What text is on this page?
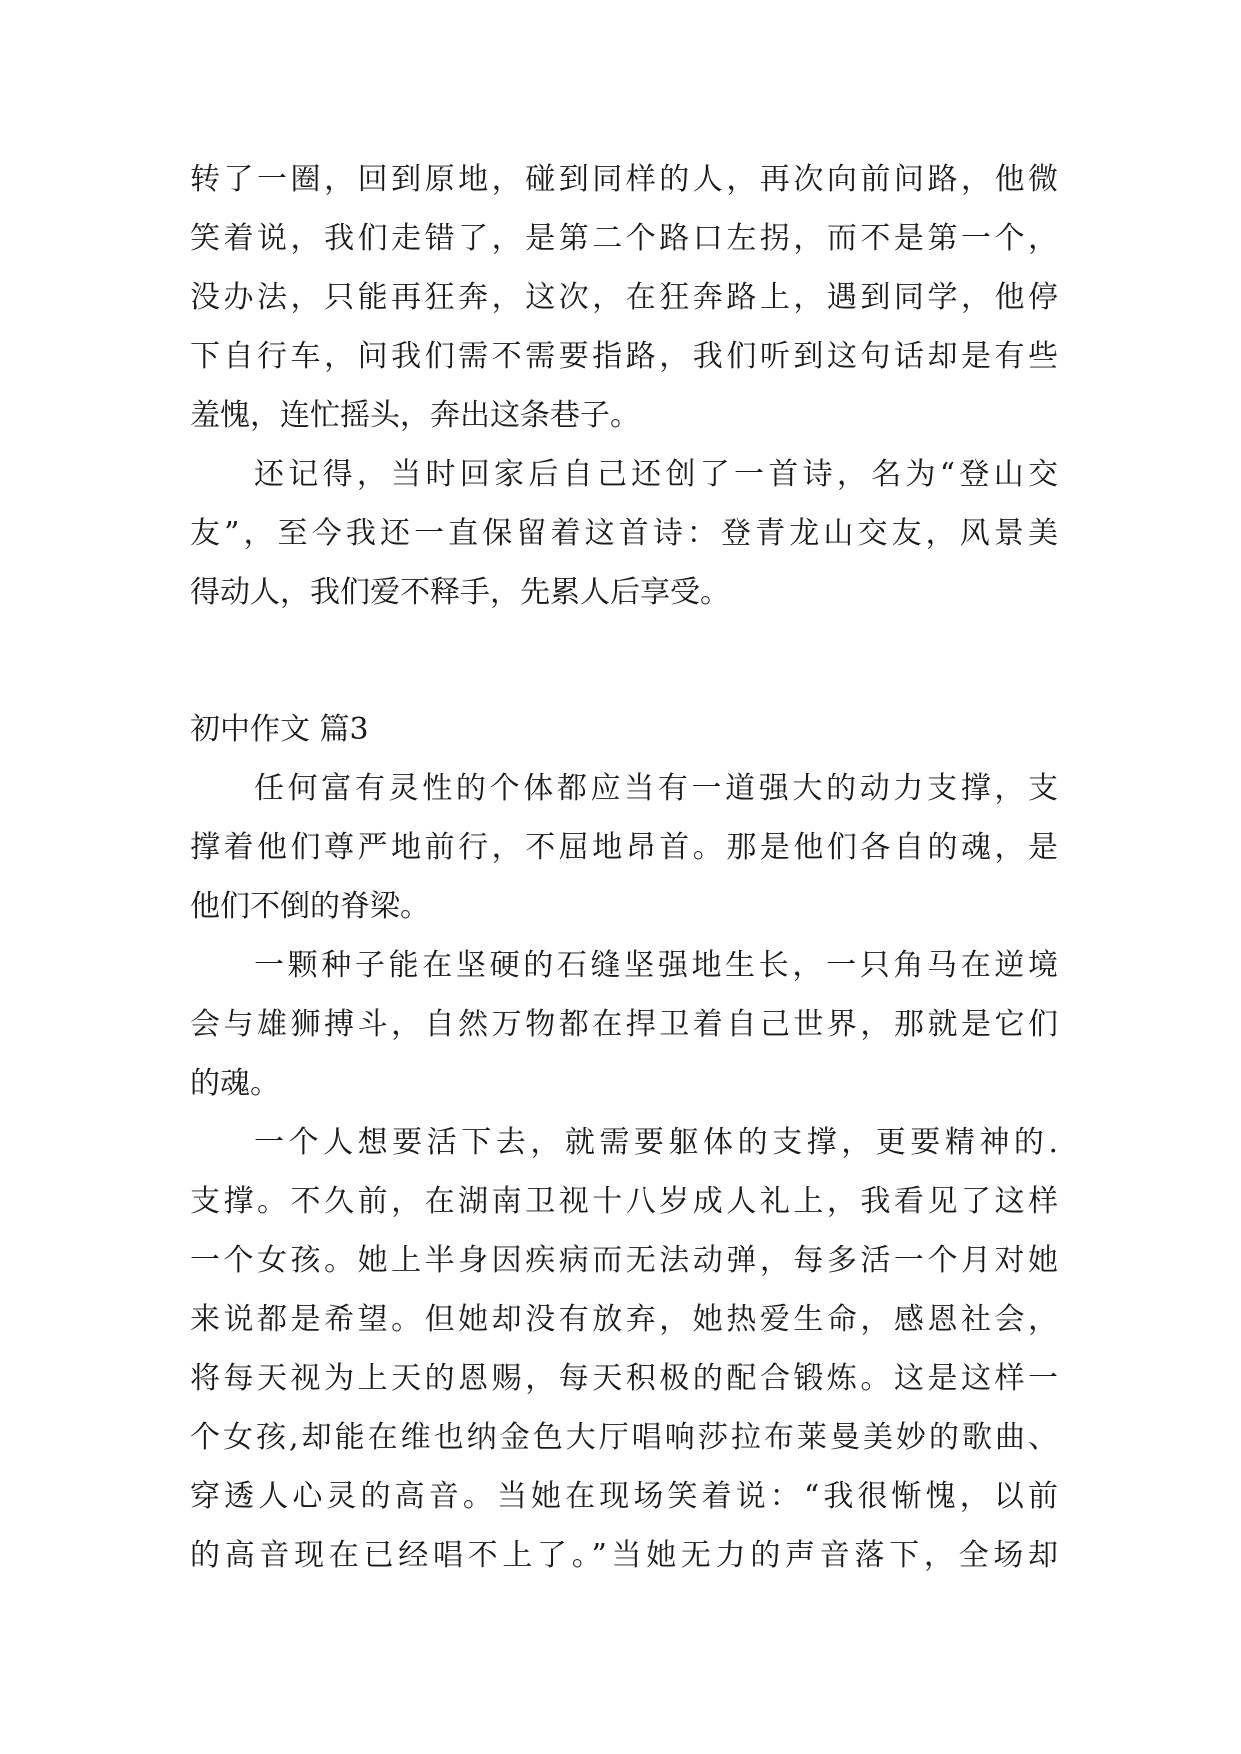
转了一圈，回到原地，碰到同样的人，再次向前问路，他微
笑着说，我们走错了，是第二个路口左拐，而不是第一个，
没办法，只能再狂奔，这次，在狂奔路上，遇到同学，他停
下自行车，问我们需不需要指路，我们听到这句话却是有些
羞愧，连忙摇头，奔出这条巷子。
还记得，当时回家后自己还创了一首诗，名为“登山交
友”，至今我还一直保留着这首诗：登青龙山交友，风景美
得动人，我们爱不释手，先累人后享受。
初中作文 篇3
任何富有灵性的个体都应当有一道强大的动力支撑，支
撑着他们尊严地前行，不屈地昂首。那是他们各自的魂，是
他们不倒的脊梁。
一颗种子能在坚硬的石缝坚强地生长，一只角马在逆境
会与雄狮搏斗，自然万物都在捍卫着自己世界，那就是它们
的魂。
一个人想要活下去，就需要躯体的支撑，更要精神的.
支撑。不久前，在湖南卫视十八岁成人礼上，我看见了这样
一个女孩。她上半身因疾病而无法动弹，每多活一个月对她
来说都是希望。但她却没有放弃，她热爱生命，感恩社会，
将每天视为上天的恩赐，每天积极的配合锻炼。这是这样一
个女孩,却能在维也纳金色大厅唱响莎拉布莱曼美妙的歌曲、
穿透人心灵的高音。当她在现场笑着说：“我很惭愧，以前
的高音现在已经唱不上了。”当她无力的声音落下，全场却
